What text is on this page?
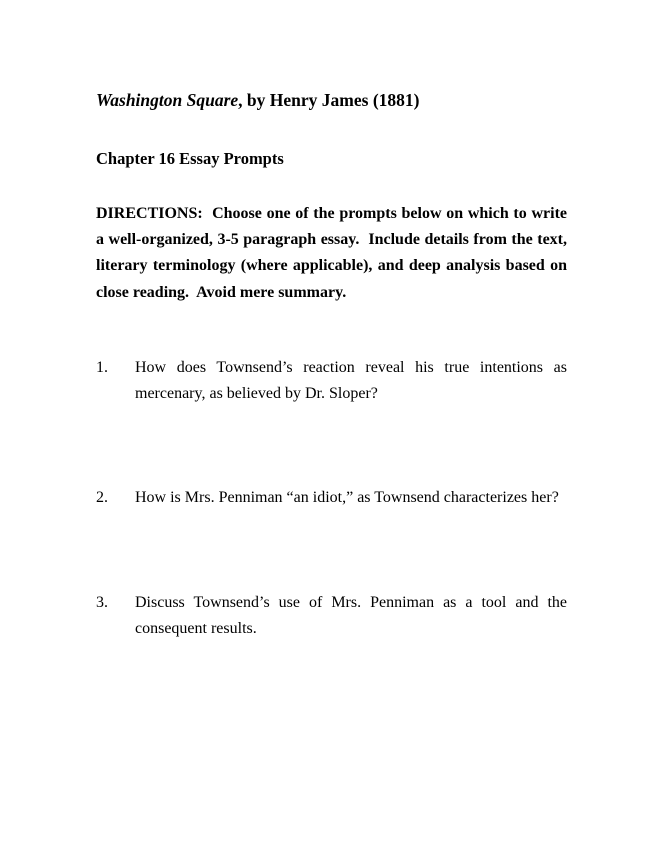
Washington Square, by Henry James (1881)
Chapter 16 Essay Prompts

DIRECTIONS:  Choose one of the prompts below on which to write a well-organized, 3-5 paragraph essay.  Include details from the text, literary terminology (where applicable), and deep analysis based on close reading.  Avoid mere summary.

1.	How does Townsend’s reaction reveal his true intentions as mercenary, as believed by Dr. Sloper?
2.	How is Mrs. Penniman “an idiot,” as Townsend characterizes her?
3.	Discuss Townsend’s use of Mrs. Penniman as a tool and the consequent results.
